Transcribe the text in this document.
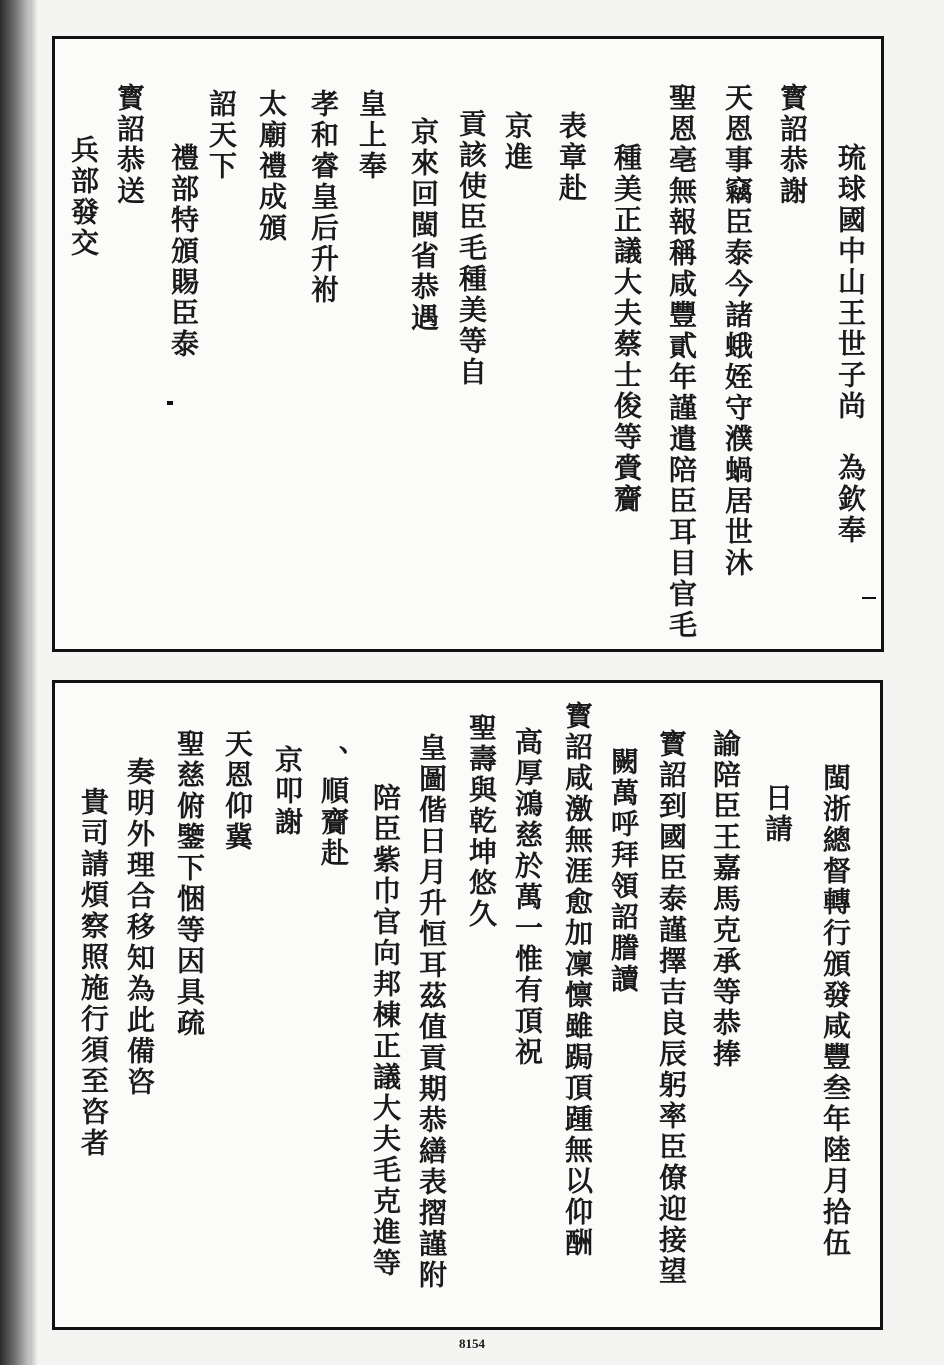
琉球國中山王世子尚　為欽奉
寳詔恭謝
天恩事竊臣泰今諸蛾姪守濮蝸居世沐
聖恩亳無報稱咸豐貳年謹遣陪臣耳目官毛
種美正議大夫蔡士俊等賫齎
表章赴
京進
貢該使臣毛種美等自
京來回閩省恭遇
皇上奉
孝和睿皇后升祔
太廟禮成頒
詔天下
禮部特頒賜臣泰
寳詔恭送
兵部發交
閩浙總督轉行頒發咸豐叁年陸月拾伍
日請
諭陪臣王嘉馬克承等恭捧
寳詔到國臣泰謹擇吉良辰躬率臣僚迎接望
闕萬呼拜領詔謄讀
寳詔咸激無涯愈加凜懔雖跼頂踵無以仰酬
高厚鴻慈於萬一惟有頂祝
聖壽與乾坤悠久
皇圖偕日月升恒耳茲值貢期恭繕表摺謹附
陪臣紫巾官向邦棟正議大夫毛克進等
、順齎赴
京叩謝
天恩仰冀
聖慈俯鑒下悃等因具疏
奏明外理合移知為此備咨
貴司請煩察照施行須至咨者
8154
